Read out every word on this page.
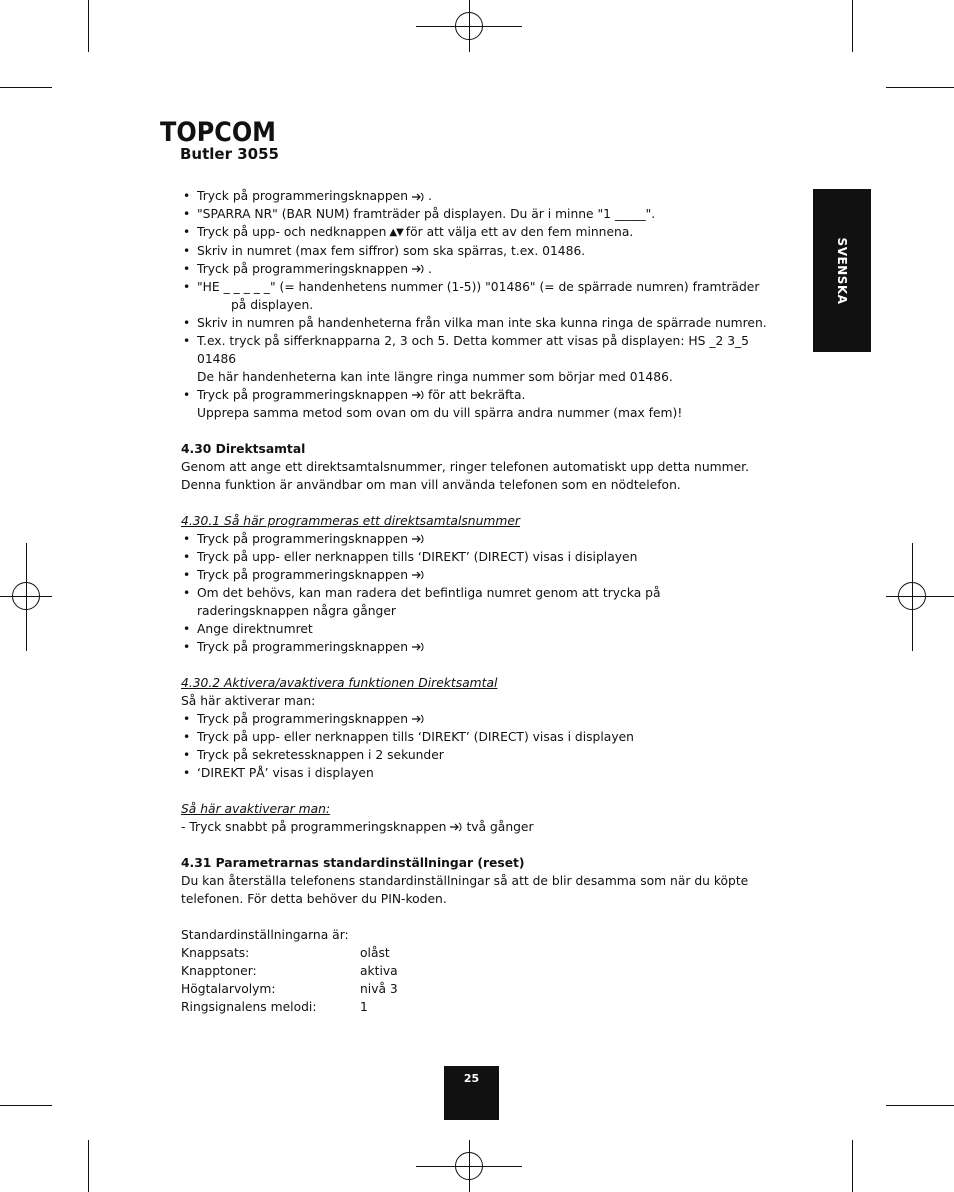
TOPCOM
Butler 3055
SVENSKA
• Tryck på programmeringsknappen .
• "SPARRA NR" (BAR NUM) framträder på displayen. Du är i minne "1 _____".
• Tryck på upp- och nedknappen ▲▼ för att välja ett av den fem minnena.
• Skriv in numret (max fem siffror) som ska spärras, t.ex. 01486.
• Tryck på programmeringsknappen .
• "HE _ _ _ _ _" (= handenhetens nummer (1-5)) "01486" (= de spärrade numren) framträder
på displayen.
• Skriv in numren på handenheterna från vilka man inte ska kunna ringa de spärrade numren.
• T.ex. tryck på sifferknapparna 2, 3 och 5. Detta kommer att visas på displayen: HS _2 3_5
01486
De här handenheterna kan inte längre ringa nummer som börjar med 01486.
• Tryck på programmeringsknappen för att bekräfta.
Upprepa samma metod som ovan om du vill spärra andra nummer (max fem)!
4.30 Direktsamtal
Genom att ange ett direktsamtalsnummer, ringer telefonen automatiskt upp detta nummer.
Denna funktion är användbar om man vill använda telefonen som en nödtelefon.
4.30.1 Så här programmeras ett direktsamtalsnummer
• Tryck på programmeringsknappen
• Tryck på upp- eller nerknappen tills ‘DIREKT’ (DIRECT) visas i disiplayen
• Tryck på programmeringsknappen
• Om det behövs, kan man radera det befintliga numret genom att trycka på
raderingsknappen några gånger
• Ange direktnumret
• Tryck på programmeringsknappen
4.30.2 Aktivera/avaktivera funktionen Direktsamtal
Så här aktiverar man:
• Tryck på programmeringsknappen
• Tryck på upp- eller nerknappen tills ‘DIREKT’ (DIRECT) visas i displayen
• Tryck på sekretessknappen i 2 sekunder
• ‘DIREKT PÅ’ visas i displayen
Så här avaktiverar man:
- Tryck snabbt på programmeringsknappen två gånger
4.31 Parametrarnas standardinställningar (reset)
Du kan återställa telefonens standardinställningar så att de blir desamma som när du köpte
telefonen. För detta behöver du PIN-koden.
Standardinställningarna är:
Knappsats:	olåst
Knapptoner:	aktiva
Högtalarvolym:	nivå 3
Ringsignalens melodi:	1
25
